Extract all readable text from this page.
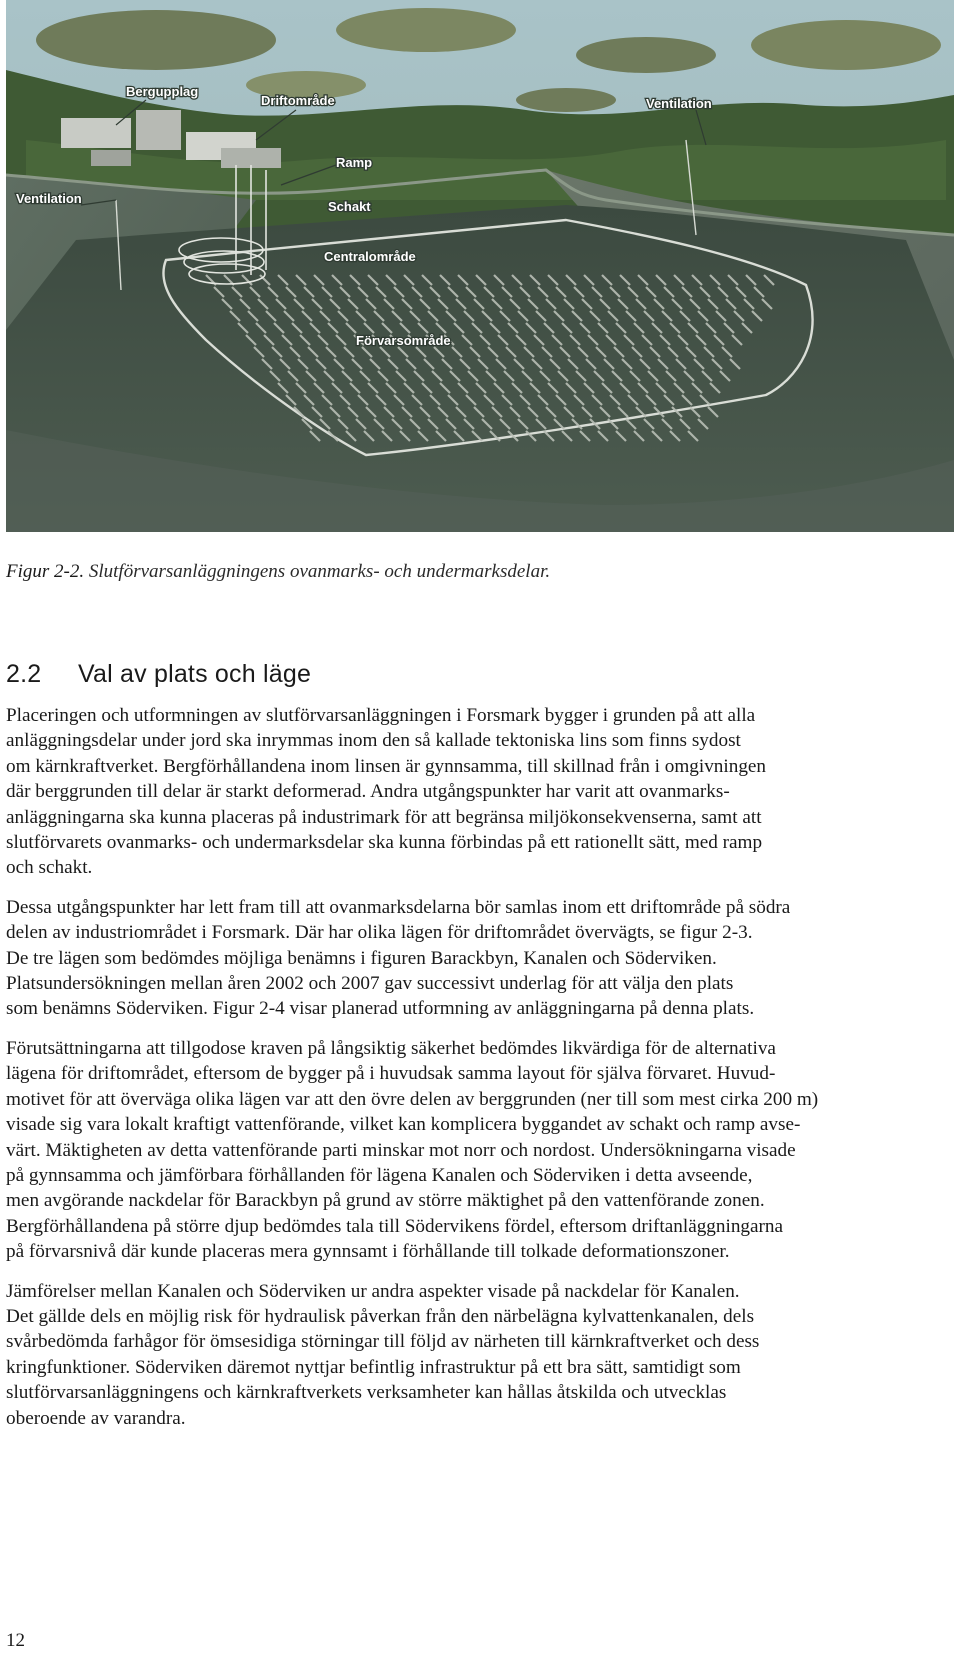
Bergupplag
Driftområde	Ventilation
Ramp
Ventilation
Schakt
Centralområde
Förvarsområde
Figur 2-2. Slutförvarsanläggningens ovanmarks- och undermarksdelar.
2.2 Val av plats och läge

Placeringen och utformningen av slutförvarsanläggningen i Forsmark bygger i grunden på att alla
anläggningsdelar under jord ska inrymmas inom den så kallade tektoniska lins som finns sydost
om kärnkraftverket. Bergförhållandena inom linsen är gynnsamma, till skillnad från i omgivningen
där berggrunden till delar är starkt deformerad. Andra utgångspunkter har varit att ovanmarks-
anläggningarna ska kunna placeras på industrimark för att begränsa miljökonsekvenserna, samt att
slutförvarets ovanmarks- och undermarksdelar ska kunna förbindas på ett rationellt sätt, med ramp
och schakt.

Dessa utgångspunkter har lett fram till att ovanmarksdelarna bör samlas inom ett driftområde på södra
delen av industriområdet i Forsmark. Där har olika lägen för driftområdet övervägts, se figur 2-3.
De tre lägen som bedömdes möjliga benämns i figuren Barackbyn, Kanalen och Söderviken.
Platsundersökningen mellan åren 2002 och 2007 gav successivt underlag för att välja den plats
som benämns Söderviken. Figur 2-4 visar planerad utformning av anläggningarna på denna plats.

Förutsättningarna att tillgodose kraven på långsiktig säkerhet bedömdes likvärdiga för de alternativa
lägena för driftområdet, eftersom de bygger på i huvudsak samma layout för själva förvaret. Huvud-
motivet för att överväga olika lägen var att den övre delen av berggrunden (ner till som mest cirka 200 m)
visade sig vara lokalt kraftigt vattenförande, vilket kan komplicera byggandet av schakt och ramp avse-
värt. Mäktigheten av detta vattenförande parti minskar mot norr och nordost. Undersökningarna visade
på gynnsamma och jämförbara förhållanden för lägena Kanalen och Söderviken i detta avseende,
men avgörande nackdelar för Barackbyn på grund av större mäktighet på den vattenförande zonen.
Bergförhållandena på större djup bedömdes tala till Södervikens fördel, eftersom driftanläggningarna
på förvarsnivå där kunde placeras mera gynnsamt i förhållande till tolkade deformationszoner.

Jämförelser mellan Kanalen och Söderviken ur andra aspekter visade på nackdelar för Kanalen.
Det gällde dels en möjlig risk för hydraulisk påverkan från den närbelägna kylvattenkanalen, dels
svårbedömda farhågor för ömsesidiga störningar till följd av närheten till kärnkraftverket och dess
kringfunktioner. Söderviken däremot nyttjar befintlig infrastruktur på ett bra sätt, samtidigt som
slutförvarsanläggningens och kärnkraftverkets verksamheter kan hållas åtskilda och utvecklas
oberoende av varandra.

12
